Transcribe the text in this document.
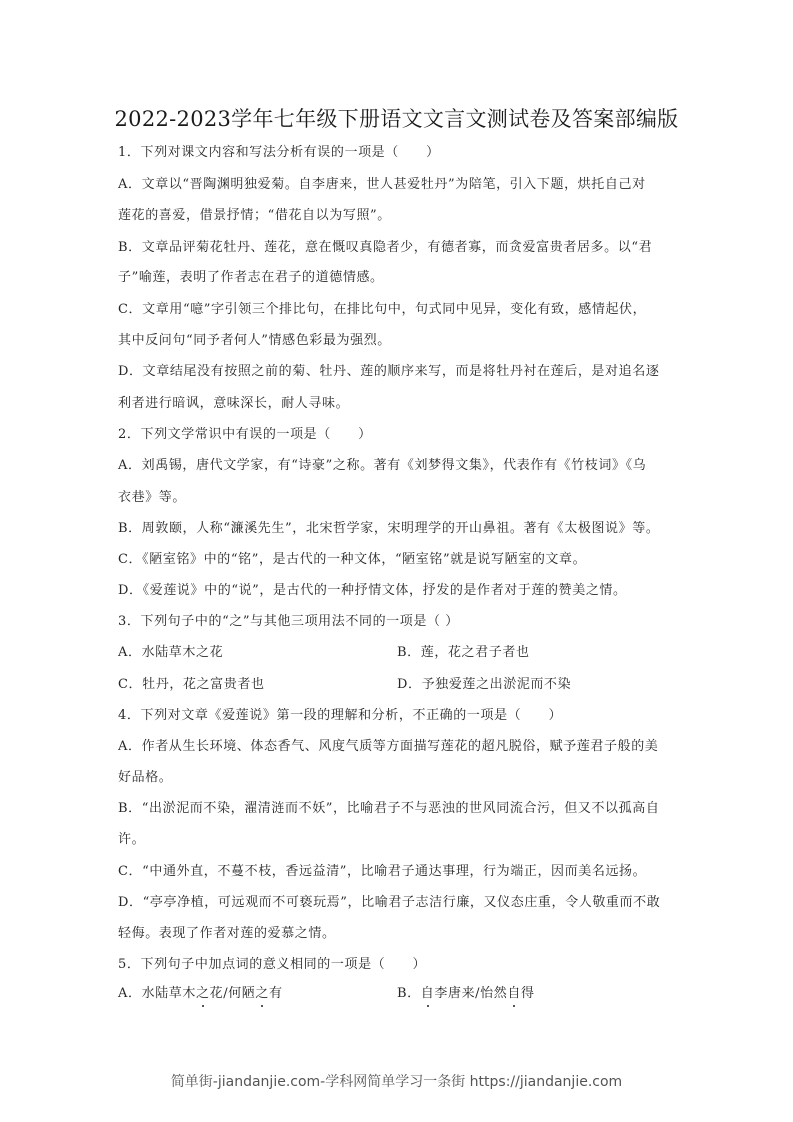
2022-2023学年七年级下册语文文言文测试卷及答案部编版
1．下列对课文内容和写法分析有误的一项是（　　）
A．文章以“晋陶渊明独爱菊。自李唐来，世人甚爱牡丹”为陪笔，引入下题，烘托自己对
莲花的喜爱，借景抒情；“借花自以为写照”。
B．文章品评菊花牡丹、莲花，意在慨叹真隐者少，有德者寡，而贪爱富贵者居多。以“君
子”喻莲，表明了作者志在君子的道德情感。
C．文章用“噫”字引领三个排比句，在排比句中，句式同中见异，变化有致，感情起伏，
其中反问句“同予者何人”情感色彩最为强烈。
D．文章结尾没有按照之前的菊、牡丹、莲的顺序来写，而是将牡丹衬在莲后，是对追名逐
利者进行暗讽，意味深长，耐人寻味。
2．下列文学常识中有误的一项是（　　）
A．刘禹锡，唐代文学家，有“诗豪”之称。著有《刘梦得文集》，代表作有《竹枝词》《乌
衣巷》等。
B．周敦颐，人称“濂溪先生”，北宋哲学家，宋明理学的开山鼻祖。著有《太极图说》等。
C．《陋室铭》中的“铭”，是古代的一种文体，“陋室铭”就是说写陋室的文章。
D．《爱莲说》中的“说”，是古代的一种抒情文体，抒发的是作者对于莲的赞美之情。
3．下列句子中的“之”与其他三项用法不同的一项是（ ）
A．水陆草木之花	B．莲，花之君子者也
C．牡丹，花之富贵者也	D．予独爱莲之出淤泥而不染
4．下列对文章《爱莲说》第一段的理解和分析，不正确的一项是（　　）
A．作者从生长环境、体态香气、风度气质等方面描写莲花的超凡脱俗，赋予莲君子般的美
好品格。
B．“出淤泥而不染，濯清涟而不妖”，比喻君子不与恶浊的世风同流合污，但又不以孤高自
许。
C．“中通外直，不蔓不枝，香远益清”，比喻君子通达事理，行为端正，因而美名远扬。
D．“亭亭净植，可远观而不可亵玩焉”，比喻君子志洁行廉，又仪态庄重，令人敬重而不敢
轻侮。表现了作者对莲的爱慕之情。
5．下列句子中加点词的意义相同的一项是（　　）
A．水陆草木之花/何陋之有	B．自李唐来/怡然自得
简单街-jiandanjie.com-学科网简单学习一条街 https://jiandanjie.com
